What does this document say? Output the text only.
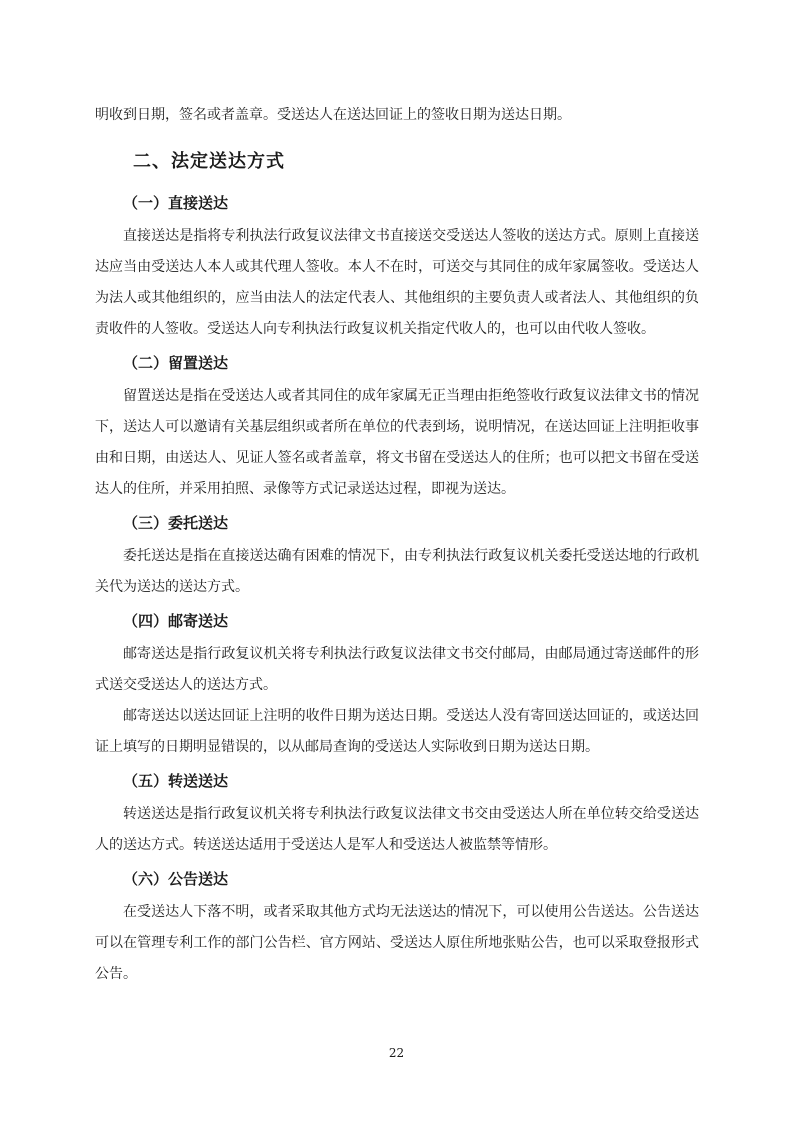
明收到日期，签名或者盖章。受送达人在送达回证上的签收日期为送达日期。

二、法定送达方式
（一）直接送达

直接送达是指将专利执法行政复议法律文书直接送交受送达人签收的送达方式。原则上直接送达应当由受送达人本人或其代理人签收。本人不在时，可送交与其同住的成年家属签收。受送达人为法人或其他组织的，应当由法人的法定代表人、其他组织的主要负责人或者法人、其他组织的负责收件的人签收。受送达人向专利执法行政复议机关指定代收人的，也可以由代收人签收。

（二）留置送达

留置送达是指在受送达人或者其同住的成年家属无正当理由拒绝签收行政复议法律文书的情况下，送达人可以邀请有关基层组织或者所在单位的代表到场，说明情况，在送达回证上注明拒收事由和日期，由送达人、见证人签名或者盖章，将文书留在受送达人的住所；也可以把文书留在受送达人的住所，并采用拍照、录像等方式记录送达过程，即视为送达。

（三）委托送达

委托送达是指在直接送达确有困难的情况下，由专利执法行政复议机关委托受送达地的行政机关代为送达的送达方式。

（四）邮寄送达

邮寄送达是指行政复议机关将专利执法行政复议法律文书交付邮局，由邮局通过寄送邮件的形式送交受送达人的送达方式。

邮寄送达以送达回证上注明的收件日期为送达日期。受送达人没有寄回送达回证的，或送达回证上填写的日期明显错误的，以从邮局查询的受送达人实际收到日期为送达日期。

（五）转送送达

转送送达是指行政复议机关将专利执法行政复议法律文书交由受送达人所在单位转交给受送达人的送达方式。转送送达适用于受送达人是军人和受送达人被监禁等情形。

（六）公告送达

在受送达人下落不明，或者采取其他方式均无法送达的情况下，可以使用公告送达。公告送达可以在管理专利工作的部门公告栏、官方网站、受送达人原住所地张贴公告，也可以采取登报形式公告。

22
